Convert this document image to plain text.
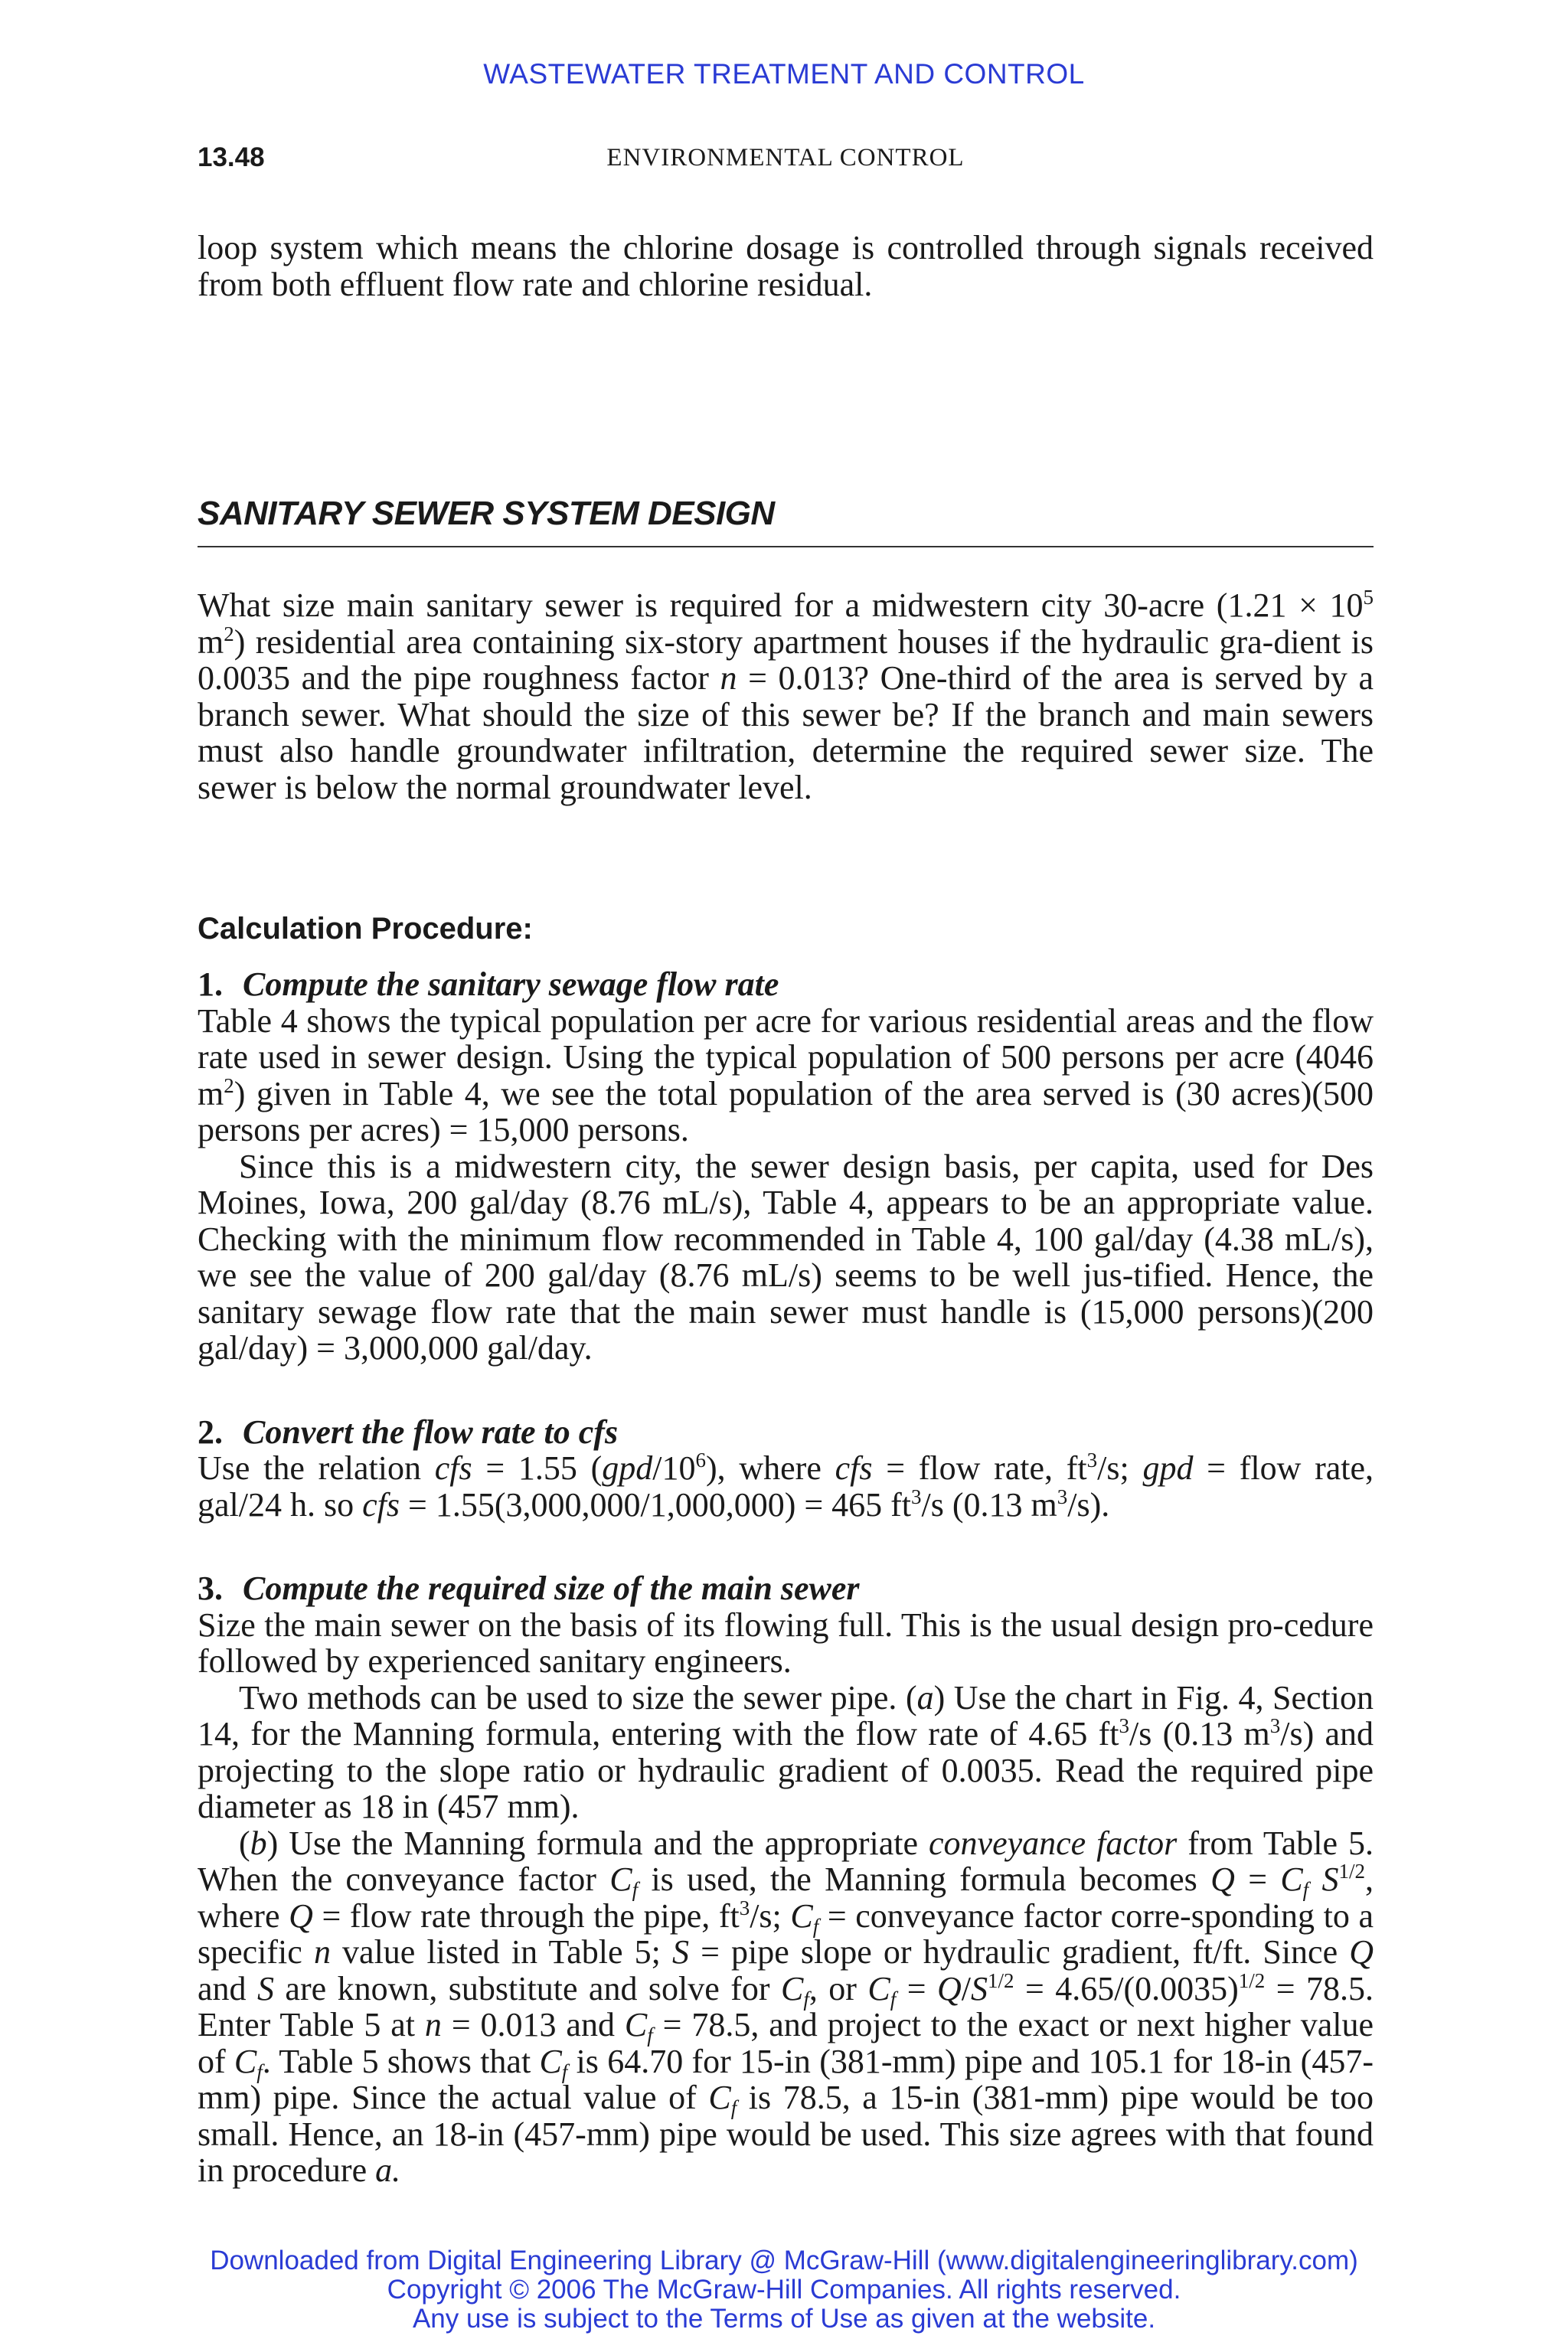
WASTEWATER TREATMENT AND CONTROL
13.48	ENVIRONMENTAL CONTROL

loop system which means the chlorine dosage is controlled through signals received from both effluent flow rate and chlorine residual.

SANITARY SEWER SYSTEM DESIGN

What size main sanitary sewer is required for a midwestern city 30-acre ($1.21 \times 10^5$ $m^2$) residential area containing six-story apartment houses if the hydraulic gra-dient is 0.0035 and the pipe roughness factor n = 0.013? One-third of the area is served by a branch sewer. What should the size of this sewer be? If the branch and main sewers must also handle groundwater infiltration, determine the required sewer size. The sewer is below the normal groundwater level.

Calculation Procedure:
1. Compute the sanitary sewage flow rate

Table 4 shows the typical population per acre for various residential areas and the flow rate used in sewer design. Using the typical population of 500 persons per acre (4046 $m^2$) given in Table 4, we see the total population of the area served is (30 acres)(500 persons per acres) = 15,000 persons.

Since this is a midwestern city, the sewer design basis, per capita, used for Des Moines, Iowa, 200 gal/day (8.76 mL/s), Table 4, appears to be an appropriate value. Checking with the minimum flow recommended in Table 4, 100 gal/day (4.38 mL/s), we see the value of 200 gal/day (8.76 mL/s) seems to be well jus-tified. Hence, the sanitary sewage flow rate that the main sewer must handle is (15,000 persons)(200 gal/day) = 3,000,000 gal/day.

2. Convert the flow rate to cfs

Use the relation cfs = 1.55 $(gpd/10^6)$, where cfs = flow rate, $ft^3/s$; gpd = flow rate, gal/24 h. so cfs = 1.55(3,000,000/1,000,000) = 465 $ft^3/s$ (0.13 $m^3/s$).

3. Compute the required size of the main sewer

Size the main sewer on the basis of its flowing full. This is the usual design pro-cedure followed by experienced sanitary engineers.

Two methods can be used to size the sewer pipe. (a) Use the chart in Fig. 4, Section 14, for the Manning formula, entering with the flow rate of 4.65 $ft^3/s$ (0.13 $m^3/s$) and projecting to the slope ratio or hydraulic gradient of 0.0035. Read the required pipe diameter as 18 in (457 mm).

(b) Use the Manning formula and the appropriate conveyance factor from Table 5. When the conveyance factor $C_f$ is used, the Manning formula becomes $Q = C_f$ $S^{1/2}$, where Q = flow rate through the pipe, $ft^3/s$; $C_f$ = conveyance factor corre-sponding to a specific n value listed in Table 5; S = pipe slope or hydraulic gradient, ft/ft. Since Q and S are known, substitute and solve for $C_f$, or $C_f = Q/S^{1/2} = 4.65/(0.0035)^{1/2} = 78.5$. Enter Table 5 at n = 0.013 and $C_f = 78.5$, and project to the exact or next higher value of $C_f$. Table 5 shows that $C_f$ is 64.70 for 15-in (381-mm) pipe and 105.1 for 18-in (457-mm) pipe. Since the actual value of $C_f$ is 78.5, a 15-in (381-mm) pipe would be too small. Hence, an 18-in (457-mm) pipe would be used. This size agrees with that found in procedure a.

Downloaded from Digital Engineering Library @ McGraw-Hill (www.digitalengineeringlibrary.com)
Copyright © 2006 The McGraw-Hill Companies. All rights reserved.
Any use is subject to the Terms of Use as given at the website.
